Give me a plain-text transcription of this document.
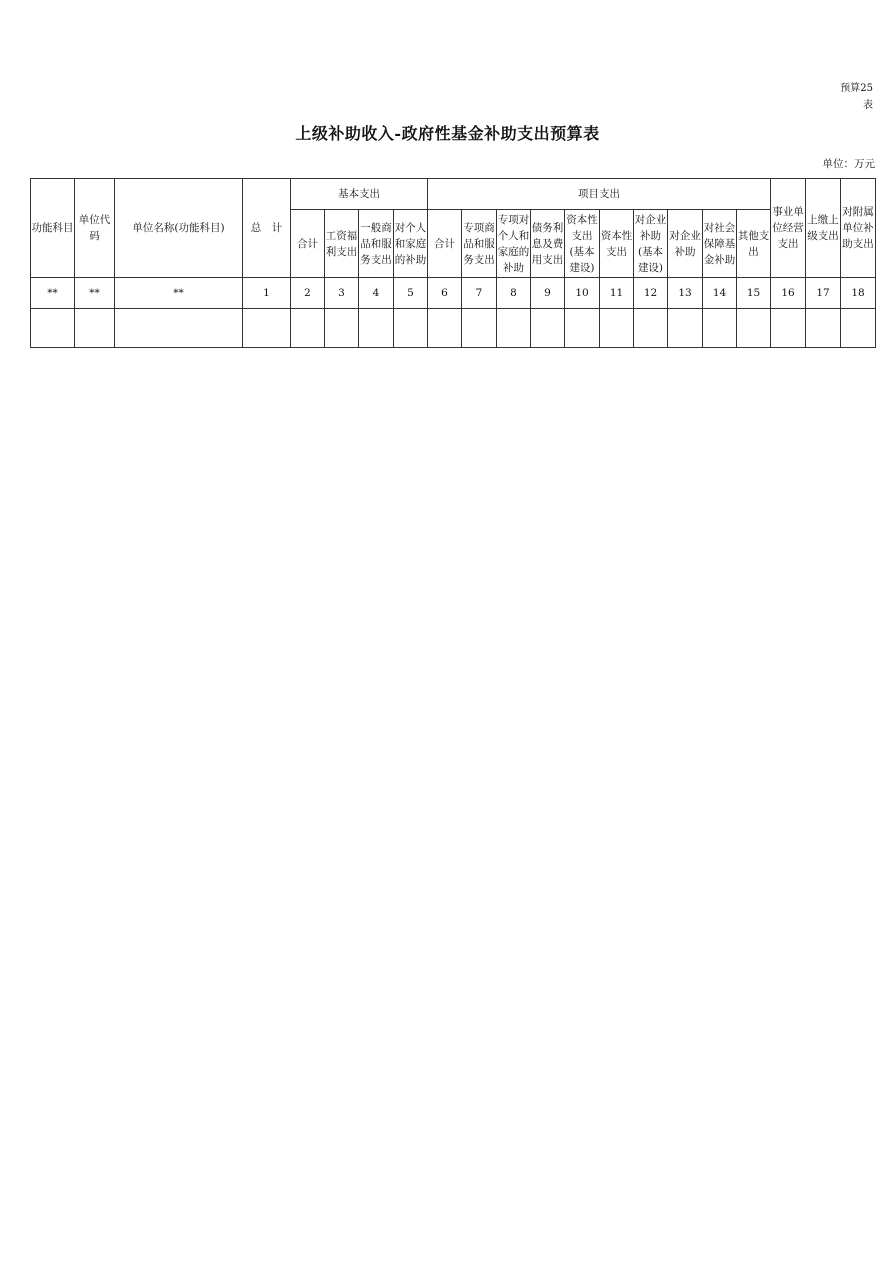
预算25
表
上级补助收入-政府性基金补助支出预算表
单位：万元
功能科目	单位代码	单位名称(功能科目)	总　计	基本支出				项目支出										事业单位经营支出	上缴上级支出	对附属单位补助支出
				合计	工资福利支出	一般商品和服务支出	对个人和家庭的补助	合计	专项商品和服务支出	专项对个人和家庭的补助	债务利息及费用支出	资本性支出(基本建设)	资本性支出	对企业补助(基本建设)	对企业补助	对社会保障基金补助	其他支出			
**	**	**	1	2	3	4	5	6	7	8	9	10	11	12	13	14	15	16	17	18
